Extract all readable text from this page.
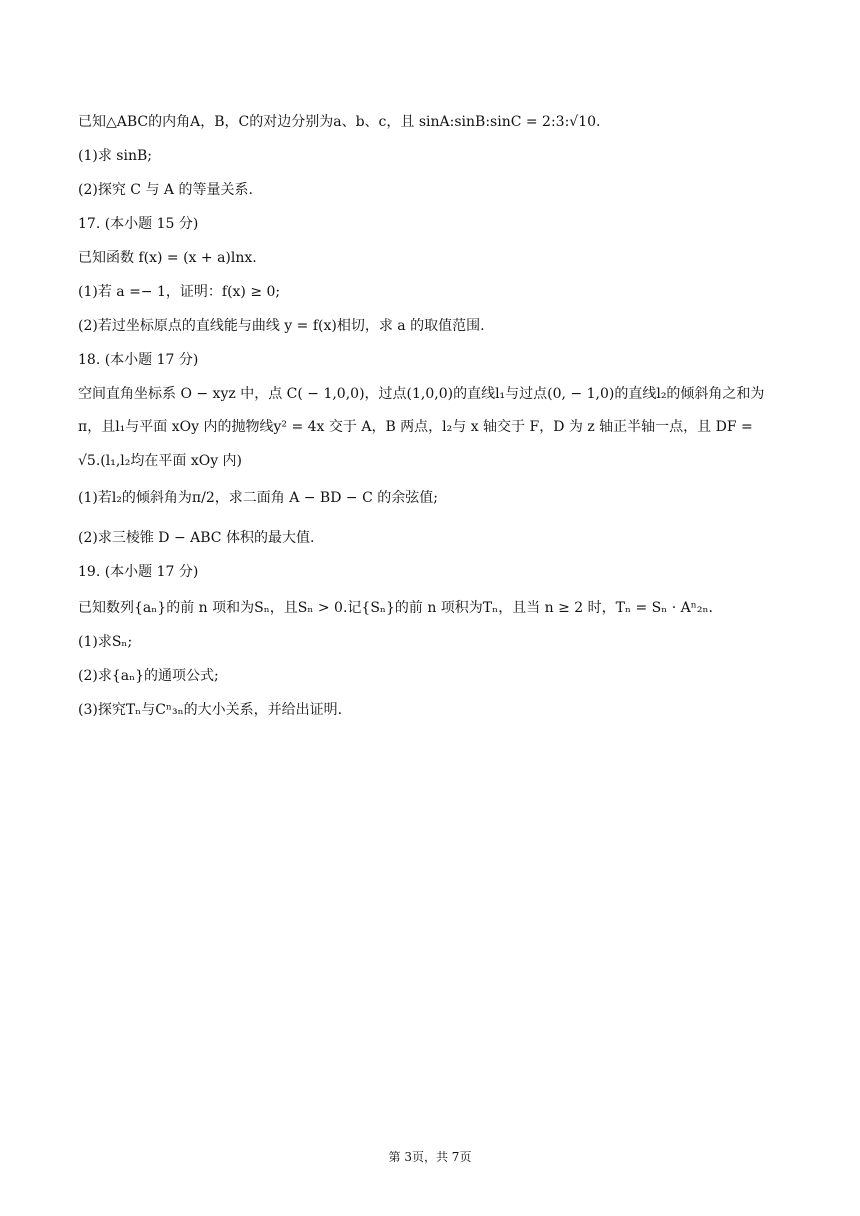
已知△ABC的内角A，B，C的对边分别为a、b、c，且 sinA:sinB:sinC = 2:3:√10.
(1)求 sinB;
(2)探究 C 与 A 的等量关系.
17. (本小题 15 分)
已知函数 f(x) = (x + a)lnx.
(1)若 a =− 1，证明：f(x) ≥ 0;
(2)若过坐标原点的直线能与曲线 y = f(x)相切，求 a 的取值范围.
18. (本小题 17 分)
空间直角坐标系 O − xyz 中，点 C( − 1,0,0)，过点(1,0,0)的直线l₁与过点(0, − 1,0)的直线l₂的倾斜角之和为
π，且l₁与平面 xOy 内的抛物线y² = 4x 交于 A，B 两点，l₂与 x 轴交于 F，D 为 z 轴正半轴一点，且 DF =
√5.(l₁,l₂均在平面 xOy 内)
(1)若l₂的倾斜角为π/2，求二面角 A − BD − C 的余弦值;
(2)求三棱锥 D − ABC 体积的最大值.
19. (本小题 17 分)
已知数列{aₙ}的前 n 项和为Sₙ，且Sₙ > 0.记{Sₙ}的前 n 项积为Tₙ，且当 n ≥ 2 时，Tₙ = Sₙ · Aⁿ₂ₙ.
(1)求Sₙ;
(2)求{aₙ}的通项公式;
(3)探究Tₙ与Cⁿ₃ₙ的大小关系，并给出证明.
第 3页，共 7页
